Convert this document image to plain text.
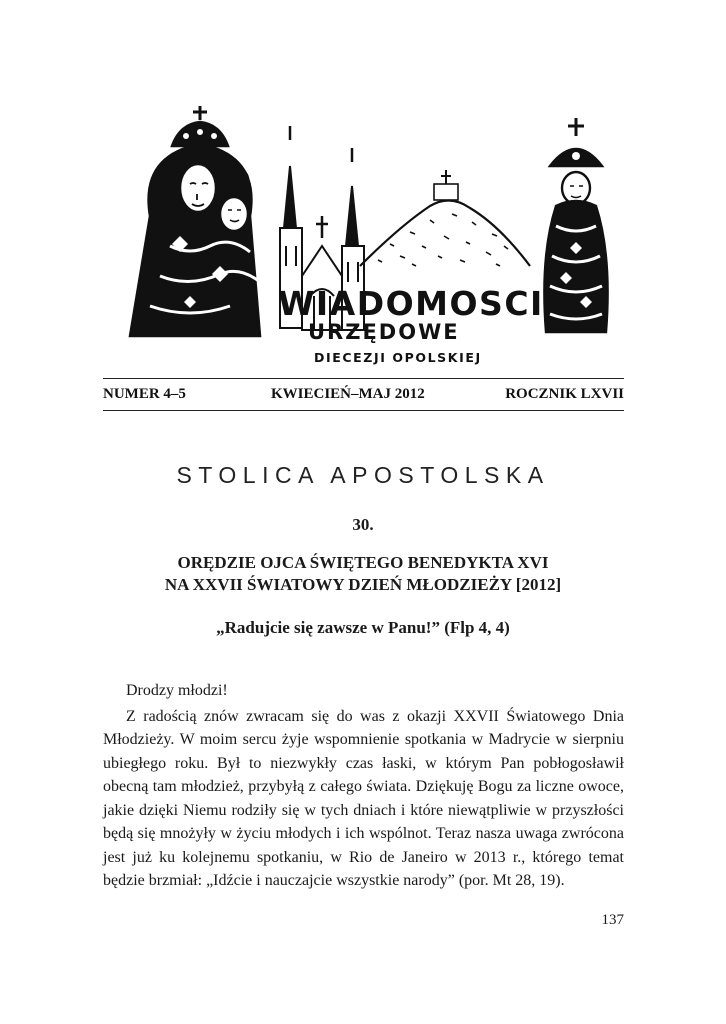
WIADOMOSCI
URZĘDOWE
DIECEZJI OPOLSKIEJ
NUMER 4–5	KWIECIEŃ–MAJ 2012	ROCZNIK LXVII
STOLICA APOSTOLSKA
30.
ORĘDZIE OJCA ŚWIĘTEGO BENEDYKTA XVI
NA XXVII ŚWIATOWY DZIEŃ MŁODZIEŻY [2012]
„Radujcie się zawsze w Panu!” (Flp 4, 4)

Drodzy młodzi!

Z radością znów zwracam się do was z okazji XXVII Światowego Dnia Młodzieży. W moim sercu żyje wspomnienie spotkania w Madrycie w sierpniu ubiegłego roku. Był to niezwykły czas łaski, w którym Pan pobłogosławił obecną tam młodzież, przybyłą z całego świata. Dziękuję Bogu za liczne owoce, jakie dzięki Niemu rodziły się w tych dniach i które niewątpliwie w przyszłości będą się mnożyły w życiu młodych i ich wspólnot. Teraz nasza uwaga zwrócona jest już ku kolejnemu spotkaniu, w Rio de Janeiro w 2013 r., którego temat będzie brzmiał: „Idźcie i nauczajcie wszystkie narody” (por. Mt 28, 19).

137
